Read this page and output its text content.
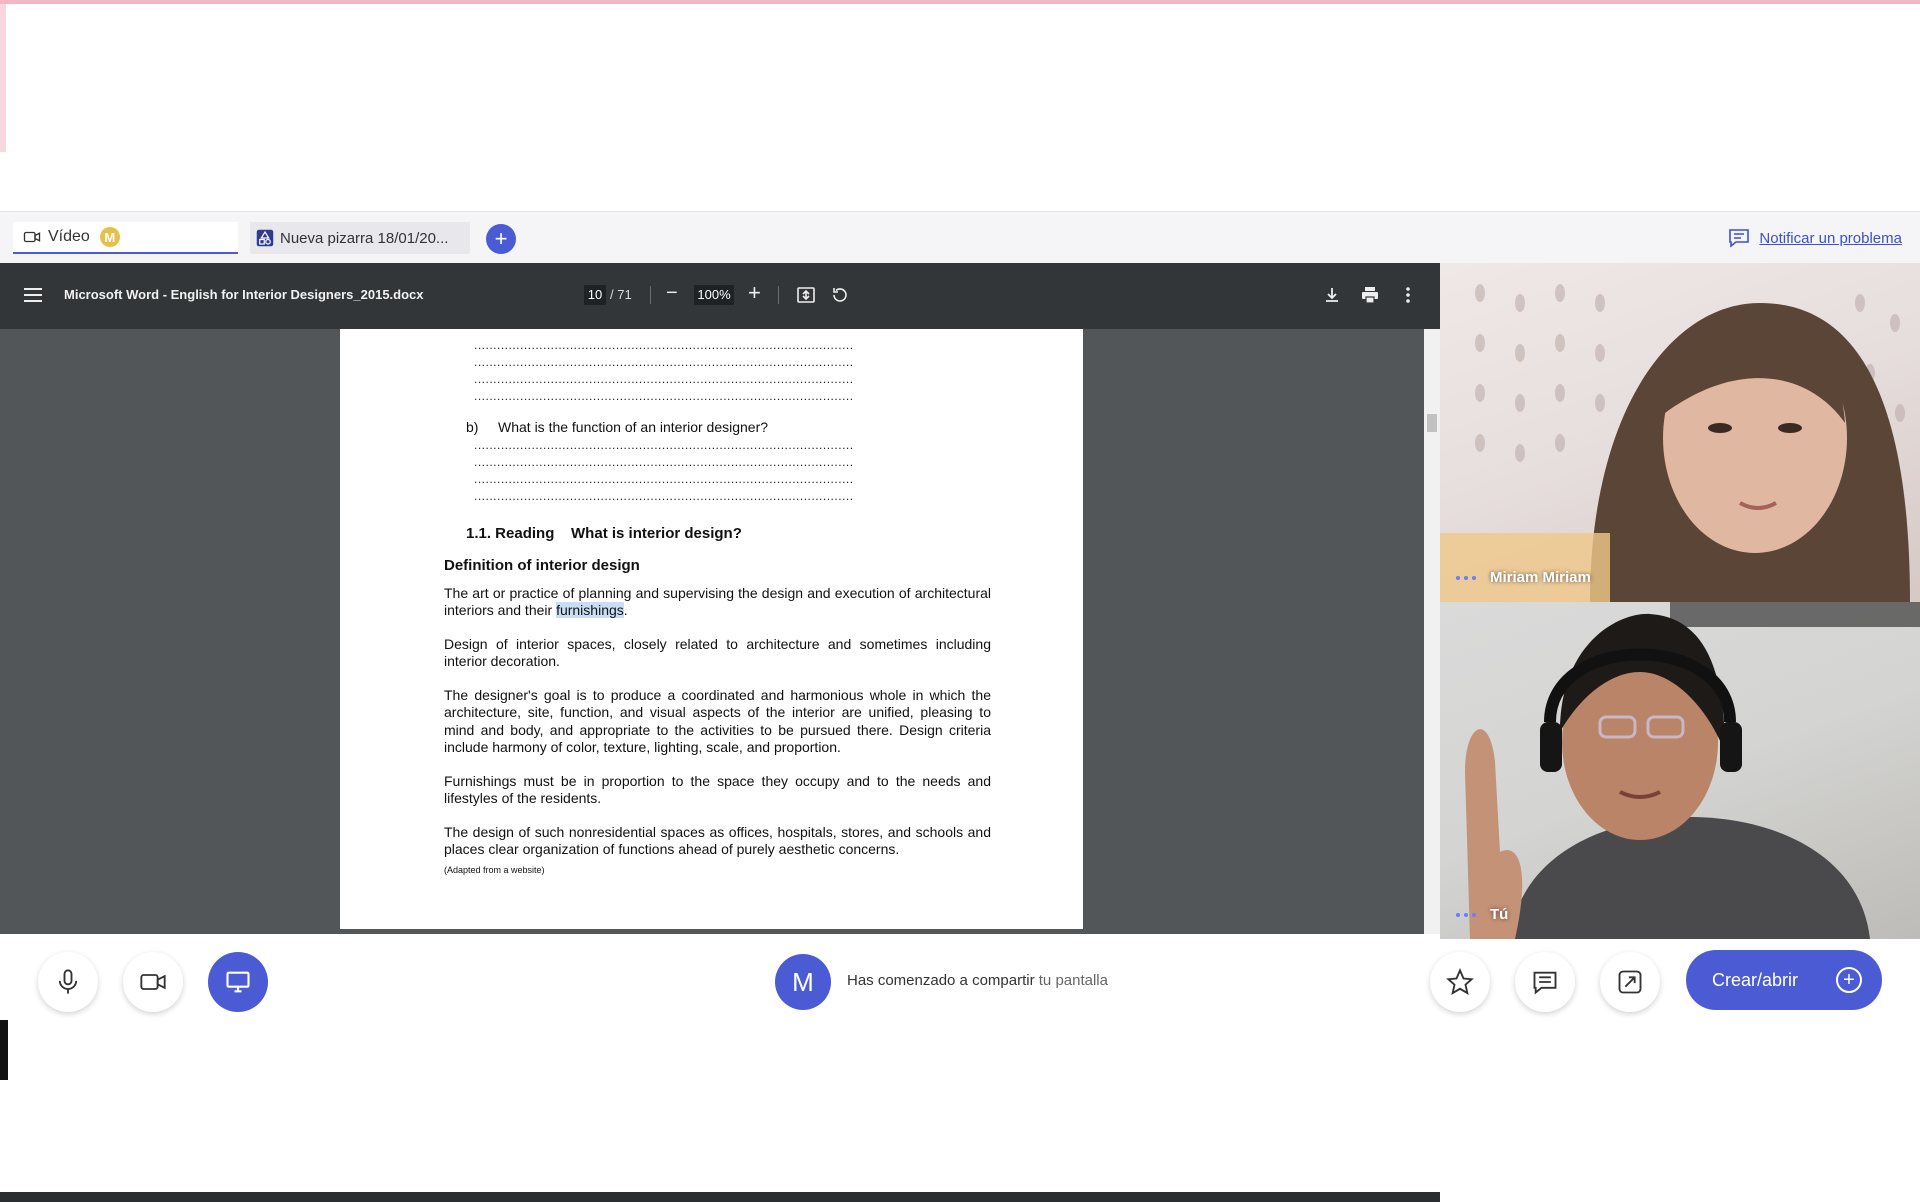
Vídeo	M	Nueva pizarra 18/01/20...	+	Notificar un problema
Microsoft Word - English for Interior Designers_2015.docx	10 / 71 − 100% +
...................................................................................................
...................................................................................................
...................................................................................................
...................................................................................................
b) What is the function of an interior designer?
...................................................................................................
...................................................................................................
...................................................................................................
...................................................................................................
1.1. Reading    What is interior design?
Definition of interior design
The art or practice of planning and supervising the design and execution of architectural interiors and their furnishings.
Design of interior spaces, closely related to architecture and sometimes including interior decoration.
The designer's goal is to produce a coordinated and harmonious whole in which the architecture, site, function, and visual aspects of the interior are unified, pleasing to mind and body, and appropriate to the activities to be pursued there. Design criteria include harmony of color, texture, lighting, scale, and proportion.
Furnishings must be in proportion to the space they occupy and to the needs and lifestyles of the residents.
The design of such nonresidential spaces as offices, hospitals, stores, and schools and places clear organization of functions ahead of purely aesthetic concerns.
(Adapted from a website)
Miriam Miriam
Tú
M	Has comenzado a compartir tu pantalla	Crear/abrir	+
